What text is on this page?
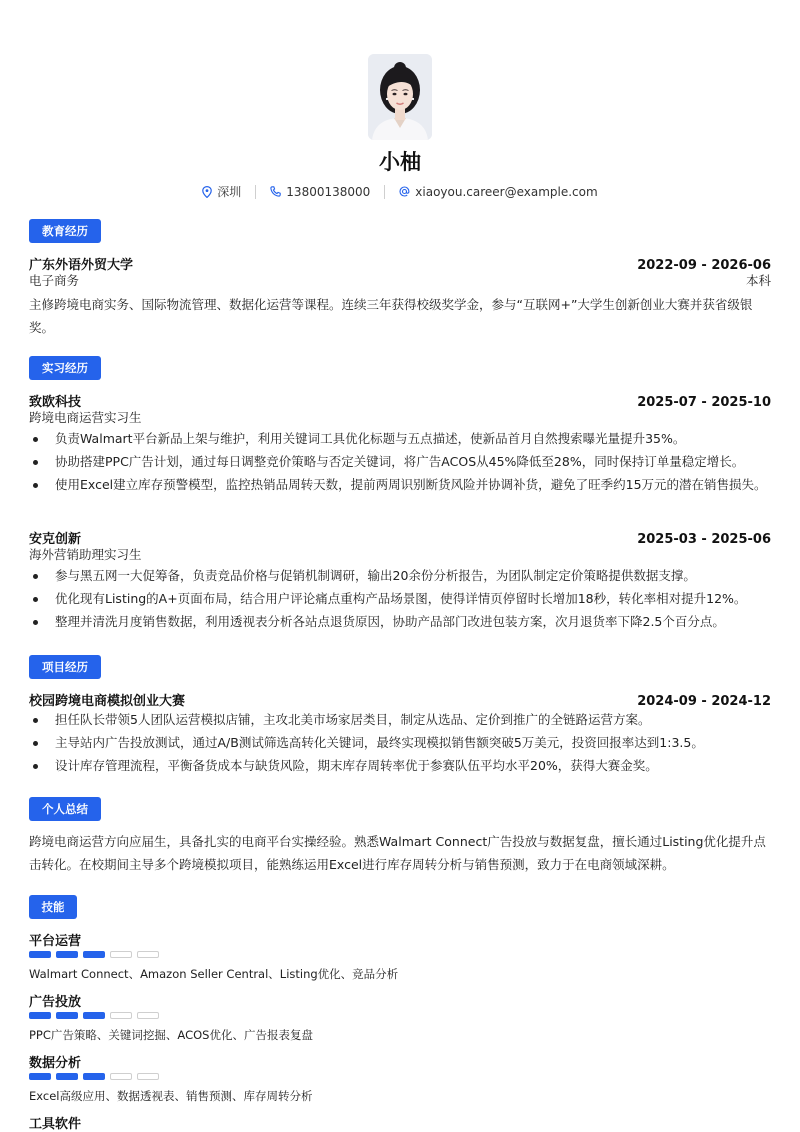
小柚
深圳	13800138000	xiaoyou.career@example.com
教育经历
广东外语外贸大学	2022-09 - 2026-06
电子商务	本科
主修跨境电商实务、国际物流管理、数据化运营等课程。连续三年获得校级奖学金，参与“互联网+”大学生创新创业大赛并获省级银奖。
实习经历
致欧科技	2025-07 - 2025-10
跨境电商运营实习生
负责Walmart平台新品上架与维护，利用关键词工具优化标题与五点描述，使新品首月自然搜索曝光量提升35%。
协助搭建PPC广告计划，通过每日调整竞价策略与否定关键词，将广告ACOS从45%降低至28%，同时保持订单量稳定增长。
使用Excel建立库存预警模型，监控热销品周转天数，提前两周识别断货风险并协调补货，避免了旺季约15万元的潜在销售损失。
安克创新	2025-03 - 2025-06
海外营销助理实习生
参与黑五网一大促筹备，负责竞品价格与促销机制调研，输出20余份分析报告，为团队制定定价策略提供数据支撑。
优化现有Listing的A+页面布局，结合用户评论痛点重构产品场景图，使得详情页停留时长增加18秒，转化率相对提升12%。
整理并清洗月度销售数据，利用透视表分析各站点退货原因，协助产品部门改进包装方案，次月退货率下降2.5个百分点。
项目经历
校园跨境电商模拟创业大赛	2024-09 - 2024-12
担任队长带领5人团队运营模拟店铺，主攻北美市场家居类目，制定从选品、定价到推广的全链路运营方案。
主导站内广告投放测试，通过A/B测试筛选高转化关键词，最终实现模拟销售额突破5万美元，投资回报率达到1:3.5。
设计库存管理流程，平衡备货成本与缺货风险，期末库存周转率优于参赛队伍平均水平20%，获得大赛金奖。
个人总结
跨境电商运营方向应届生，具备扎实的电商平台实操经验。熟悉Walmart Connect广告投放与数据复盘，擅长通过Listing优化提升点击转化。在校期间主导多个跨境模拟项目，能熟练运用Excel进行库存周转分析与销售预测，致力于在电商领域深耕。
技能
平台运营
Walmart Connect、Amazon Seller Central、Listing优化、竞品分析
广告投放
PPC广告策略、关键词挖掘、ACOS优化、广告报表复盘
数据分析
Excel高级应用、数据透视表、销售预测、库存周转分析
工具软件
